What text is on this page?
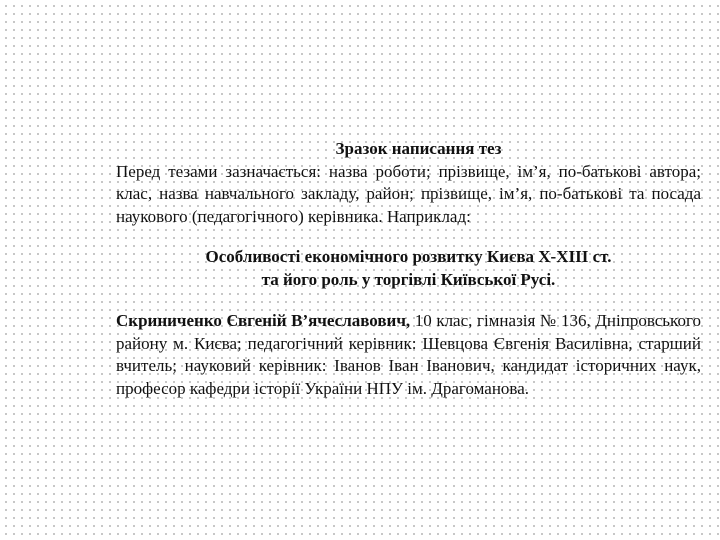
Зразок написання тез

Перед тезами зазначається: назва роботи; прізвище, ім’я, по-батькові автора; клас, назва навчального закладу, район; прізвище, ім’я, по-батькові та посада наукового (педагогічного) керівника. Наприклад:

Особливості економічного розвитку Києва X-XIII ст.
та його роль у торгівлі Київської Русі.

Скриниченко Євгеній В’ячеславович, 10 клас, гімназія № 136, Дніпровського району м. Києва; педагогічний керівник: Шевцова Євгенія Василівна, старший вчитель; науковий керівник: Іванов Іван Іванович, кандидат історичних наук, професор кафедри історії України НПУ ім. Драгоманова.
